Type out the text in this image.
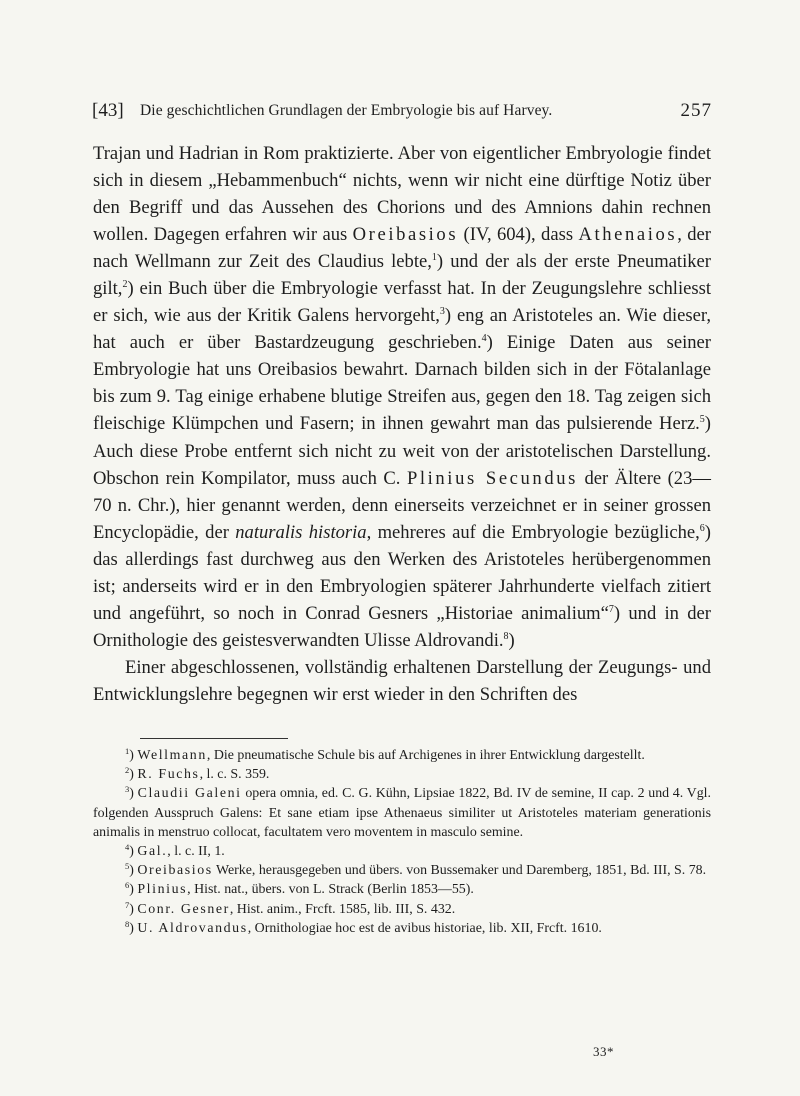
[43] Die geschichtlichen Grundlagen der Embryologie bis auf Harvey.	257

Trajan und Hadrian in Rom praktizierte. Aber von eigentlicher Embryologie findet sich in diesem „Hebammenbuch“ nichts, wenn wir nicht eine dürftige Notiz über den Begriff und das Aussehen des Chorions und des Amnions dahin rechnen wollen. Dagegen erfahren wir aus Oreibasios (IV, 604), dass Athenaios, der nach Wellmann zur Zeit des Claudius lebte,$^1$) und der als der erste Pneumatiker gilt,$^2$) ein Buch über die Embryologie verfasst hat. In der Zeugungslehre schliesst er sich, wie aus der Kritik Galens hervorgeht,$^3$) eng an Aristoteles an. Wie dieser, hat auch er über Bastardzeugung geschrieben.$^4$) Einige Daten aus seiner Embryologie hat uns Oreibasios bewahrt. Darnach bilden sich in der Fötalanlage bis zum 9. Tag einige erhabene blutige Streifen aus, gegen den 18. Tag zeigen sich fleischige Klümpchen und Fasern; in ihnen gewahrt man das pulsierende Herz.$^5$) Auch diese Probe entfernt sich nicht zu weit von der aristotelischen Darstellung. Obschon rein Kompilator, muss auch C. Plinius Secundus der Ältere (23—70 n. Chr.), hier genannt werden, denn einerseits verzeichnet er in seiner grossen Encyclopädie, der naturalis historia, mehreres auf die Embryologie bezügliche,$^6$) das allerdings fast durchweg aus den Werken des Aristoteles herübergenommen ist; anderseits wird er in den Embryologien späterer Jahrhunderte vielfach zitiert und angeführt, so noch in Conrad Gesners „Historiae animalium“$^7$) und in der Ornithologie des geistesverwandten Ulisse Aldrovandi.$^8$)

Einer abgeschlossenen, vollständig erhaltenen Darstellung der Zeugungs- und Entwicklungslehre begegnen wir erst wieder in den Schriften des

$^1$) Wellmann, Die pneumatische Schule bis auf Archigenes in ihrer Entwicklung dargestellt.

$^2$) R. Fuchs, l. c. S. 359.

$^3$) Claudii Galeni opera omnia, ed. C. G. Kühn, Lipsiae 1822, Bd. IV de semine, II cap. 2 und 4. Vgl. folgenden Ausspruch Galens: Et sane etiam ipse Athenaeus similiter ut Aristoteles materiam generationis animalis in menstruo collocat, facultatem vero moventem in masculo semine.

$^4$) Gal., l. c. II, 1.

$^5$) Oreibasios Werke, herausgegeben und übers. von Bussemaker und Daremberg, 1851, Bd. III, S. 78.

$^6$) Plinius, Hist. nat., übers. von L. Strack (Berlin 1853—55).

$^7$) Conr. Gesner, Hist. anim., Frcft. 1585, lib. III, S. 432.

$^8$) U. Aldrovandus, Ornithologiae hoc est de avibus historiae, lib. XII, Frcft. 1610.

33*
